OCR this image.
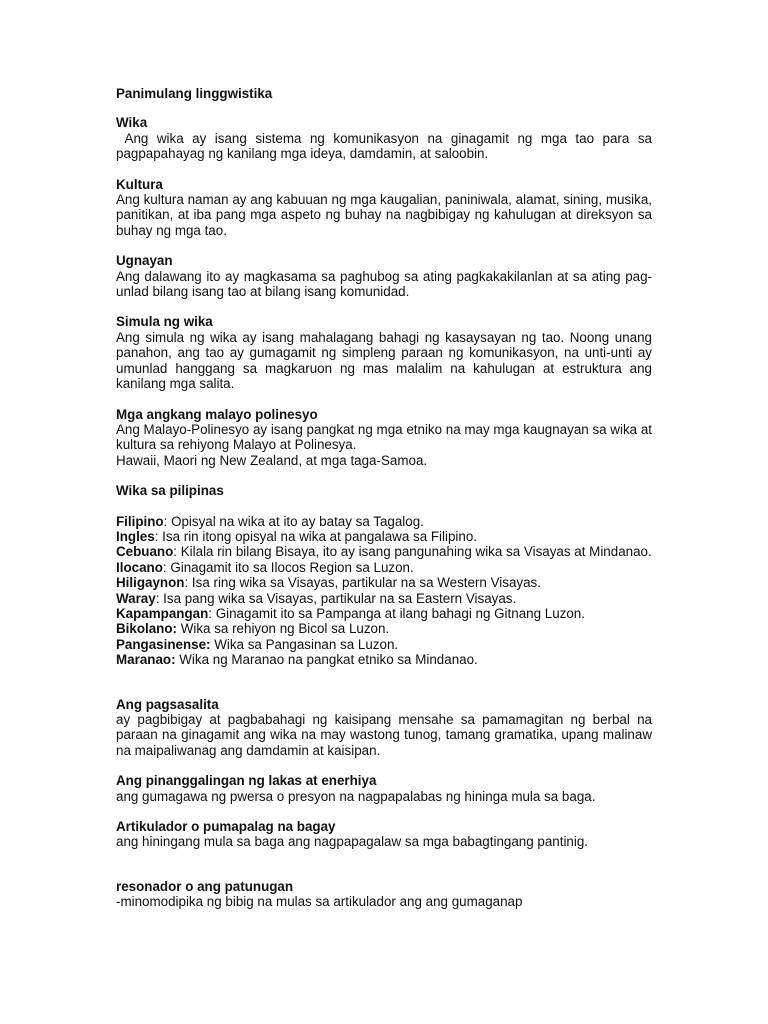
Panimulang linggwistika
Wika

Ang wika ay isang sistema ng komunikasyon na ginagamit ng mga tao para sa pagpapahayag ng kanilang mga ideya, damdamin, at saloobin.

Kultura

Ang kultura naman ay ang kabuuan ng mga kaugalian, paniniwala, alamat, sining, musika, panitikan, at iba pang mga aspeto ng buhay na nagbibigay ng kahulugan at direksyon sa buhay ng mga tao.

Ugnayan

Ang dalawang ito ay magkasama sa paghubog sa ating pagkakakilanlan at sa ating pag-unlad bilang isang tao at bilang isang komunidad.

Simula ng wika

Ang simula ng wika ay isang mahalagang bahagi ng kasaysayan ng tao. Noong unang panahon, ang tao ay gumagamit ng simpleng paraan ng komunikasyon, na unti-unti ay umunlad hanggang sa magkaruon ng mas malalim na kahulugan at estruktura ang kanilang mga salita.

Mga angkang malayo polinesyo

Ang Malayo-Polinesyo ay isang pangkat ng mga etniko na may mga kaugnayan sa wika at kultura sa rehiyong Malayo at Polinesya.

Hawaii, Maori ng New Zealand, at mga taga-Samoa.

Wika sa pilipinas
Filipino: Opisyal na wika at ito ay batay sa Tagalog.
Ingles: Isa rin itong opisyal na wika at pangalawa sa Filipino.
Cebuano: Kilala rin bilang Bisaya, ito ay isang pangunahing wika sa Visayas at Mindanao.
Ilocano: Ginagamit ito sa Ilocos Region sa Luzon.
Hiligaynon: Isa ring wika sa Visayas, partikular na sa Western Visayas.
Waray: Isa pang wika sa Visayas, partikular na sa Eastern Visayas.
Kapampangan: Ginagamit ito sa Pampanga at ilang bahagi ng Gitnang Luzon.
Bikolano: Wika sa rehiyon ng Bicol sa Luzon.
Pangasinense: Wika sa Pangasinan sa Luzon.
Maranao: Wika ng Maranao na pangkat etniko sa Mindanao.
Ang pagsasalita

ay pagbibigay at pagbabahagi ng kaisipang mensahe sa pamamagitan ng berbal na paraan na ginagamit ang wika na may wastong tunog, tamang gramatika, upang malinaw na maipaliwanag ang damdamin at kaisipan.

Ang pinanggalingan ng lakas at enerhiya

ang gumagawa ng pwersa o presyon na nagpapalabas ng hininga mula sa baga.

Artikulador o pumapalag na bagay

ang hiningang mula sa baga ang nagpapagalaw sa mga babagtingang pantinig.

resonador o ang patunugan

-minomodipika ng bibig na mulas sa artikulador ang ang gumaganap
